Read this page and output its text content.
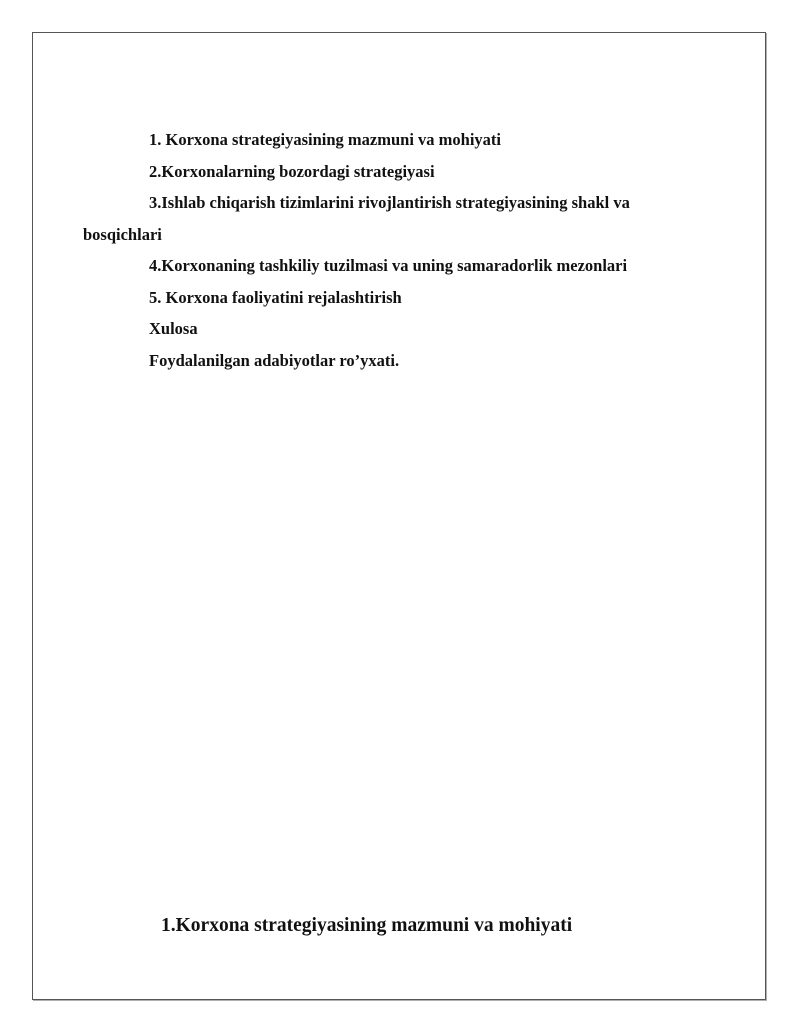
1. Korxona strategiyasining mazmuni va mohiyati

2.Korxonalarning bozordagi strategiyasi

3.Ishlab chiqarish tizimlarini rivojlantirish strategiyasining shakl va bosqichlari

4.Korxonaning tashkiliy tuzilmasi va uning samaradorlik mezonlari

5. Korxona faoliyatini rejalashtirish

Xulosa

Foydalanilgan adabiyotlar ro’yxati.

1.Korxona strategiyasining mazmuni va mohiyati
